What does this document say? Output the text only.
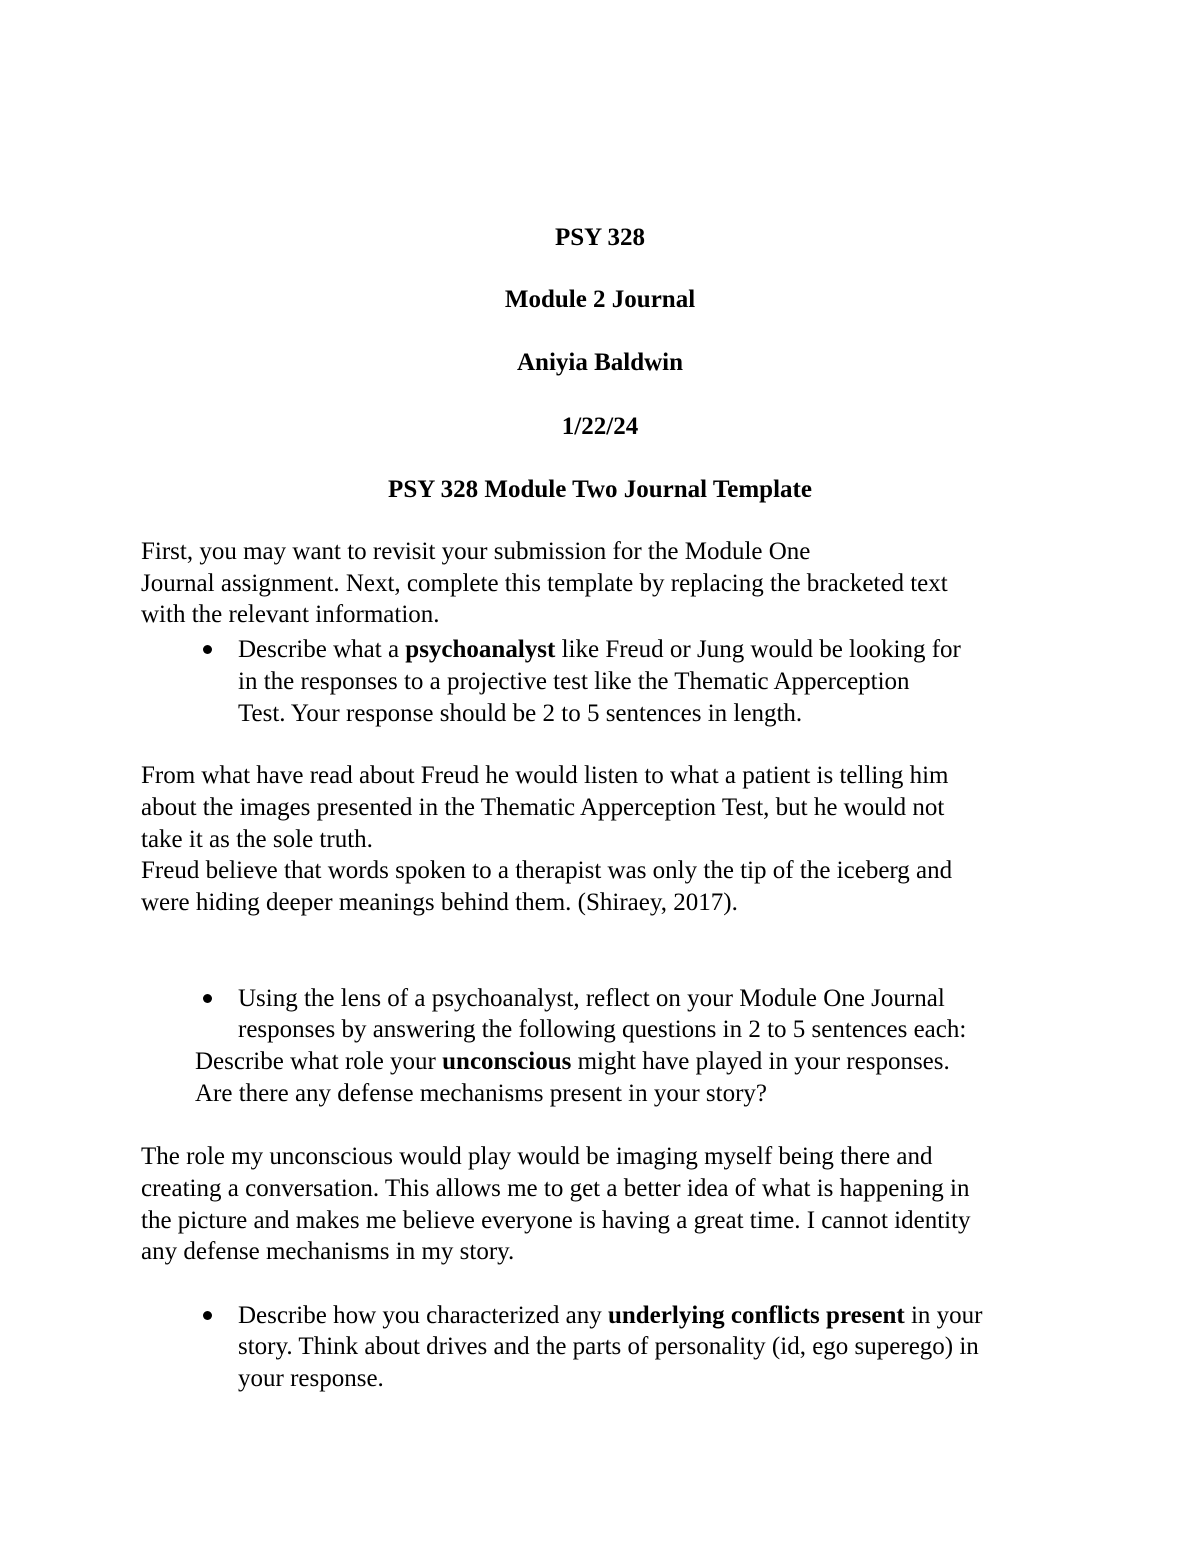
PSY 328
Module 2 Journal
Aniyia Baldwin
1/22/24
PSY 328 Module Two Journal Template
First, you may want to revisit your submission for the Module One
Journal assignment. Next, complete this template by replacing the bracketed text
with the relevant information.
Describe what a psychoanalyst like Freud or Jung would be looking for
in the responses to a projective test like the Thematic Apperception
Test. Your response should be 2 to 5 sentences in length.
From what have read about Freud he would listen to what a patient is telling him
about the images presented in the Thematic Apperception Test, but he would not
take it as the sole truth.
Freud believe that words spoken to a therapist was only the tip of the iceberg and
were hiding deeper meanings behind them. (Shiraey, 2017).
Using the lens of a psychoanalyst, reflect on your Module One Journal
responses by answering the following questions in 2 to 5 sentences each:
Describe what role your unconscious might have played in your responses.
Are there any defense mechanisms present in your story?
The role my unconscious would play would be imaging myself being there and
creating a conversation. This allows me to get a better idea of what is happening in
the picture and makes me believe everyone is having a great time. I cannot identity
any defense mechanisms in my story.
Describe how you characterized any underlying conflicts present in your
story. Think about drives and the parts of personality (id, ego superego) in
your response.
